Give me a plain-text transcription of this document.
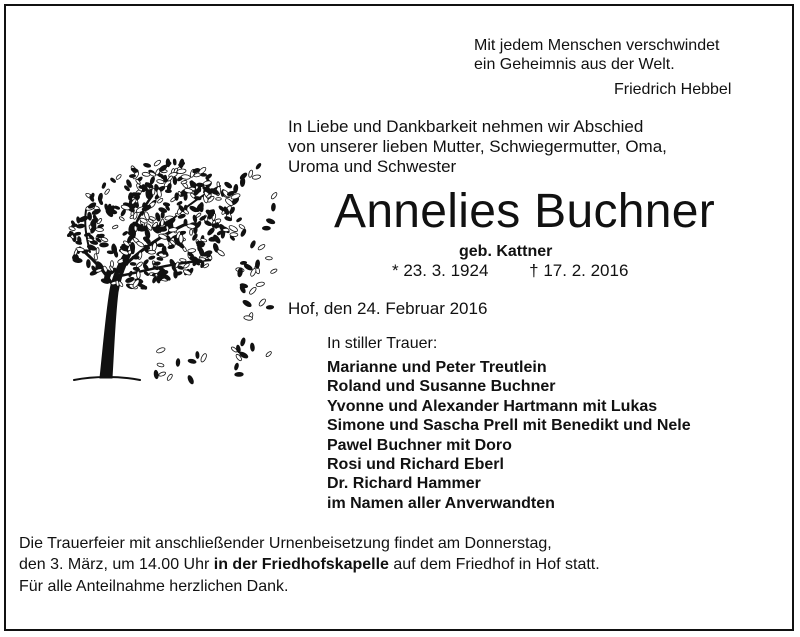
Mit jedem Menschen verschwindet
ein Geheimnis aus der Welt.
Friedrich Hebbel
In Liebe und Dankbarkeit nehmen wir Abschied
von unserer lieben Mutter, Schwiegermutter, Oma,
Uroma und Schwester
Annelies Buchner
geb. Kattner
* 23. 3. 1924 † 17. 2. 2016
Hof, den 24. Februar 2016
In stiller Trauer:
Marianne und Peter Treutlein
Roland und Susanne Buchner
Yvonne und Alexander Hartmann mit Lukas
Simone und Sascha Prell mit Benedikt und Nele
Pawel Buchner mit Doro
Rosi und Richard Eberl
Dr. Richard Hammer
im Namen aller Anverwandten
Die Trauerfeier mit anschließender Urnenbeisetzung findet am Donnerstag,
den 3. März, um 14.00 Uhr in der Friedhofskapelle auf dem Friedhof in Hof statt.
Für alle Anteilnahme herzlichen Dank.
